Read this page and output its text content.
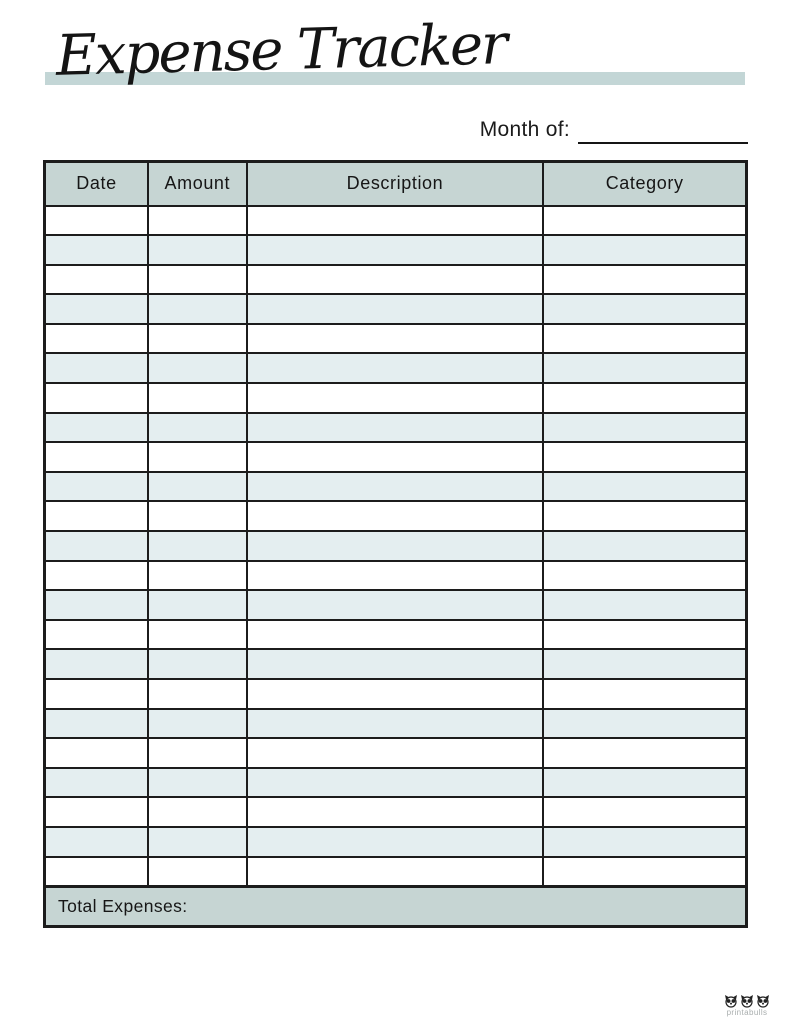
Expense Tracker
Month of:
Date	Amount	Description	Category

Total Expenses:			
printabulls
